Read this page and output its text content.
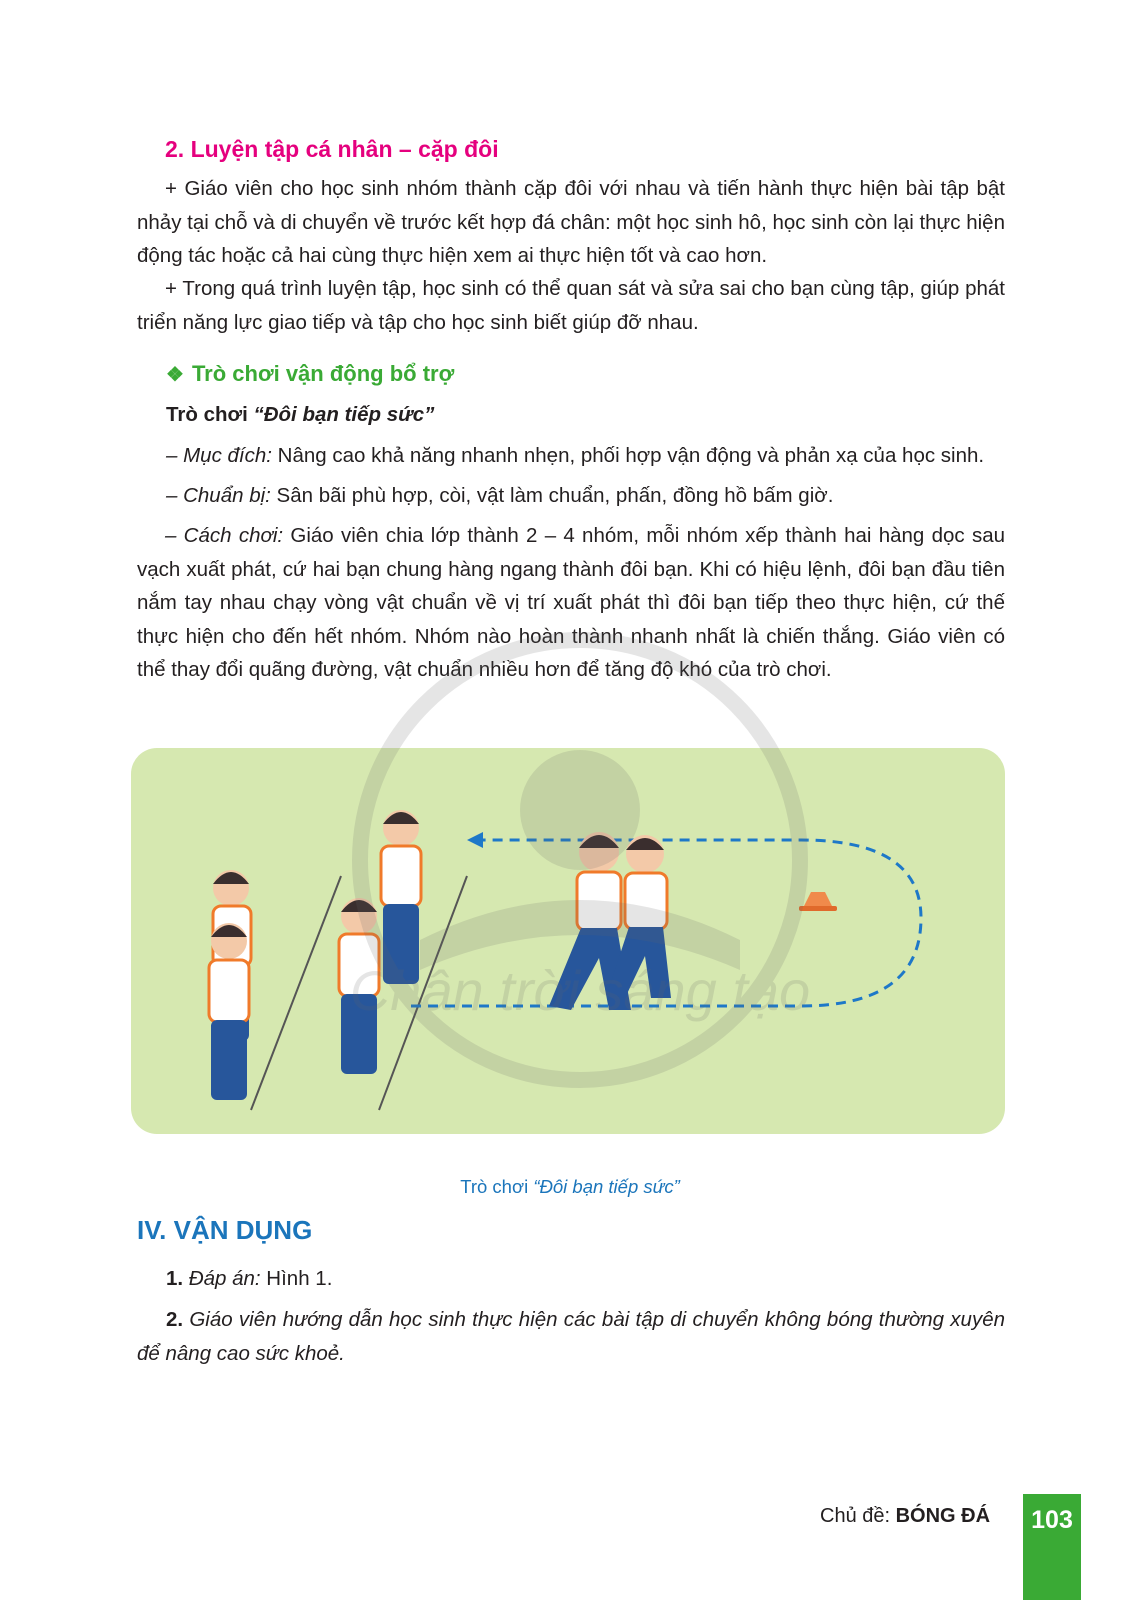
2. Luyện tập cá nhân – cặp đôi

+ Giáo viên cho học sinh nhóm thành cặp đôi với nhau và tiến hành thực hiện bài tập bật nhảy tại chỗ và di chuyển về trước kết hợp đá chân: một học sinh hô, học sinh còn lại thực hiện động tác hoặc cả hai cùng thực hiện xem ai thực hiện tốt và cao hơn.

+ Trong quá trình luyện tập, học sinh có thể quan sát và sửa sai cho bạn cùng tập, giúp phát triển năng lực giao tiếp và tập cho học sinh biết giúp đỡ nhau.

❖ Trò chơi vận động bổ trợ

Trò chơi “Đôi bạn tiếp sức”

– Mục đích: Nâng cao khả năng nhanh nhẹn, phối hợp vận động và phản xạ của học sinh.

– Chuẩn bị: Sân bãi phù hợp, còi, vật làm chuẩn, phấn, đồng hồ bấm giờ.

– Cách chơi: Giáo viên chia lớp thành 2 – 4 nhóm, mỗi nhóm xếp thành hai hàng dọc sau vạch xuất phát, cứ hai bạn chung hàng ngang thành đôi bạn. Khi có hiệu lệnh, đôi bạn đầu tiên nắm tay nhau chạy vòng vật chuẩn về vị trí xuất phát thì đôi bạn tiếp theo thực hiện, cứ thế thực hiện cho đến hết nhóm. Nhóm nào hoàn thành nhanh nhất là chiến thắng. Giáo viên có thể thay đổi quãng đường, vật chuẩn nhiều hơn để tăng độ khó của trò chơi.

Trò chơi “Đôi bạn tiếp sức”

IV. VẬN DỤNG

1. Đáp án: Hình 1.

2. Giáo viên hướng dẫn học sinh thực hiện các bài tập di chuyển không bóng thường xuyên để nâng cao sức khoẻ.

Chủ đề: BÓNG ĐÁ	103
